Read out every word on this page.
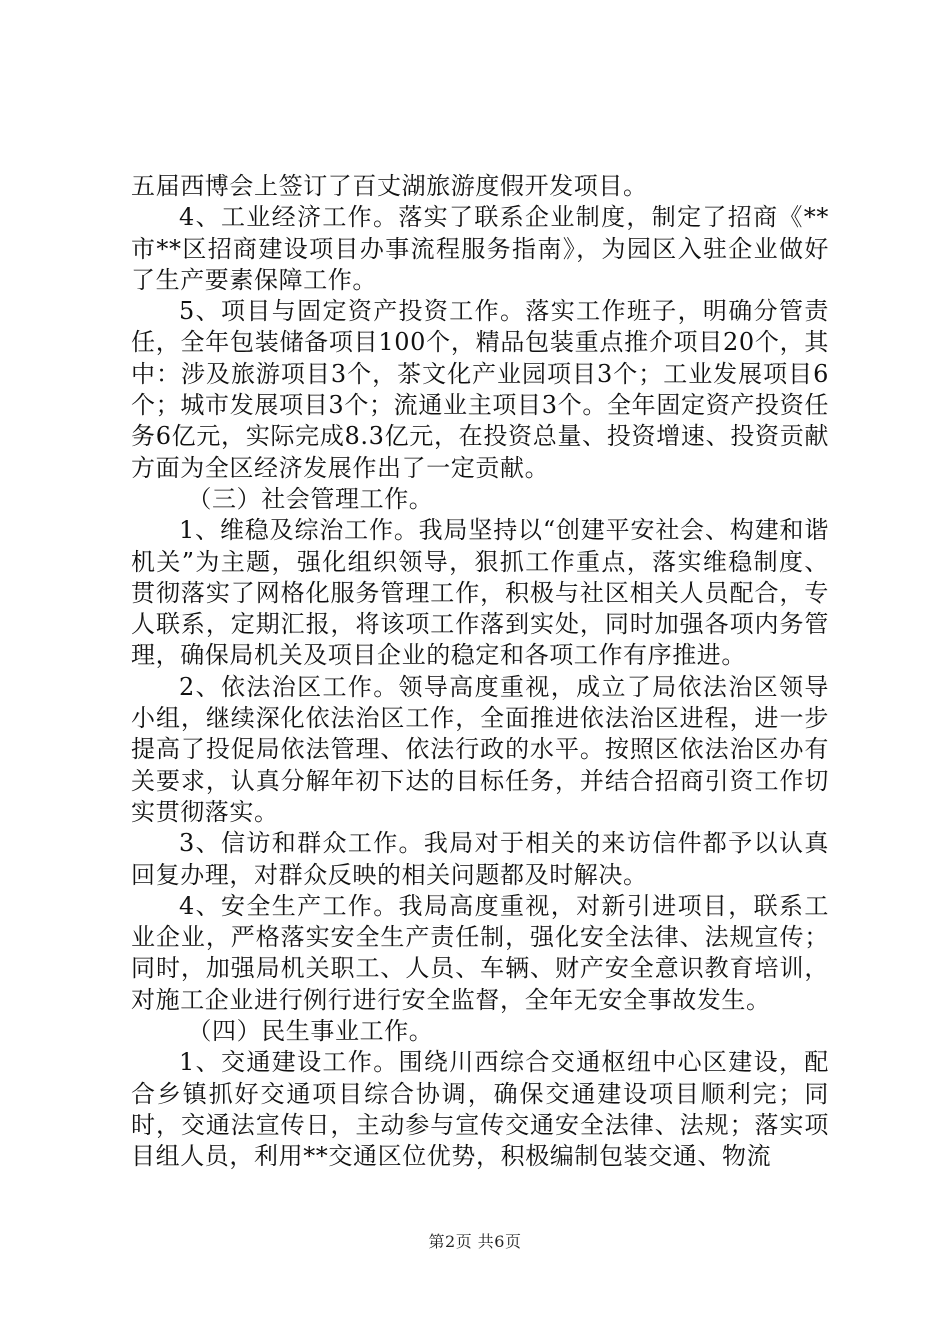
五届西博会上签订了百丈湖旅游度假开发项目。

4、工业经济工作。落实了联系企业制度，制定了招商《**市**区招商建设项目办事流程服务指南》，为园区入驻企业做好了生产要素保障工作。

5、项目与固定资产投资工作。落实工作班子，明确分管责任，全年包装储备项目100个，精品包装重点推介项目20个，其中：涉及旅游项目3个，茶文化产业园项目3个；工业发展项目6个；城市发展项目3个；流通业主项目3个。全年固定资产投资任务6亿元，实际完成8.3亿元，在投资总量、投资增速、投资贡献方面为全区经济发展作出了一定贡献。

（三）社会管理工作。

1、维稳及综治工作。我局坚持以“创建平安社会、构建和谐机关”为主题，强化组织领导，狠抓工作重点，落实维稳制度、贯彻落实了网格化服务管理工作，积极与社区相关人员配合，专人联系，定期汇报，将该项工作落到实处，同时加强各项内务管理，确保局机关及项目企业的稳定和各项工作有序推进。

2、依法治区工作。领导高度重视，成立了局依法治区领导小组，继续深化依法治区工作，全面推进依法治区进程，进一步提高了投促局依法管理、依法行政的水平。按照区依法治区办有关要求，认真分解年初下达的目标任务，并结合招商引资工作切实贯彻落实。

3、信访和群众工作。我局对于相关的来访信件都予以认真回复办理，对群众反映的相关问题都及时解决。

4、安全生产工作。我局高度重视，对新引进项目，联系工业企业，严格落实安全生产责任制，强化安全法律、法规宣传；同时，加强局机关职工、人员、车辆、财产安全意识教育培训，对施工企业进行例行进行安全监督，全年无安全事故发生。

（四）民生事业工作。

1、交通建设工作。围绕川西综合交通枢纽中心区建设，配合乡镇抓好交通项目综合协调，确保交通建设项目顺利完；同时，交通法宣传日，主动参与宣传交通安全法律、法规；落实项目组人员，利用**交通区位优势，积极编制包装交通、物流

第2页 共6页
